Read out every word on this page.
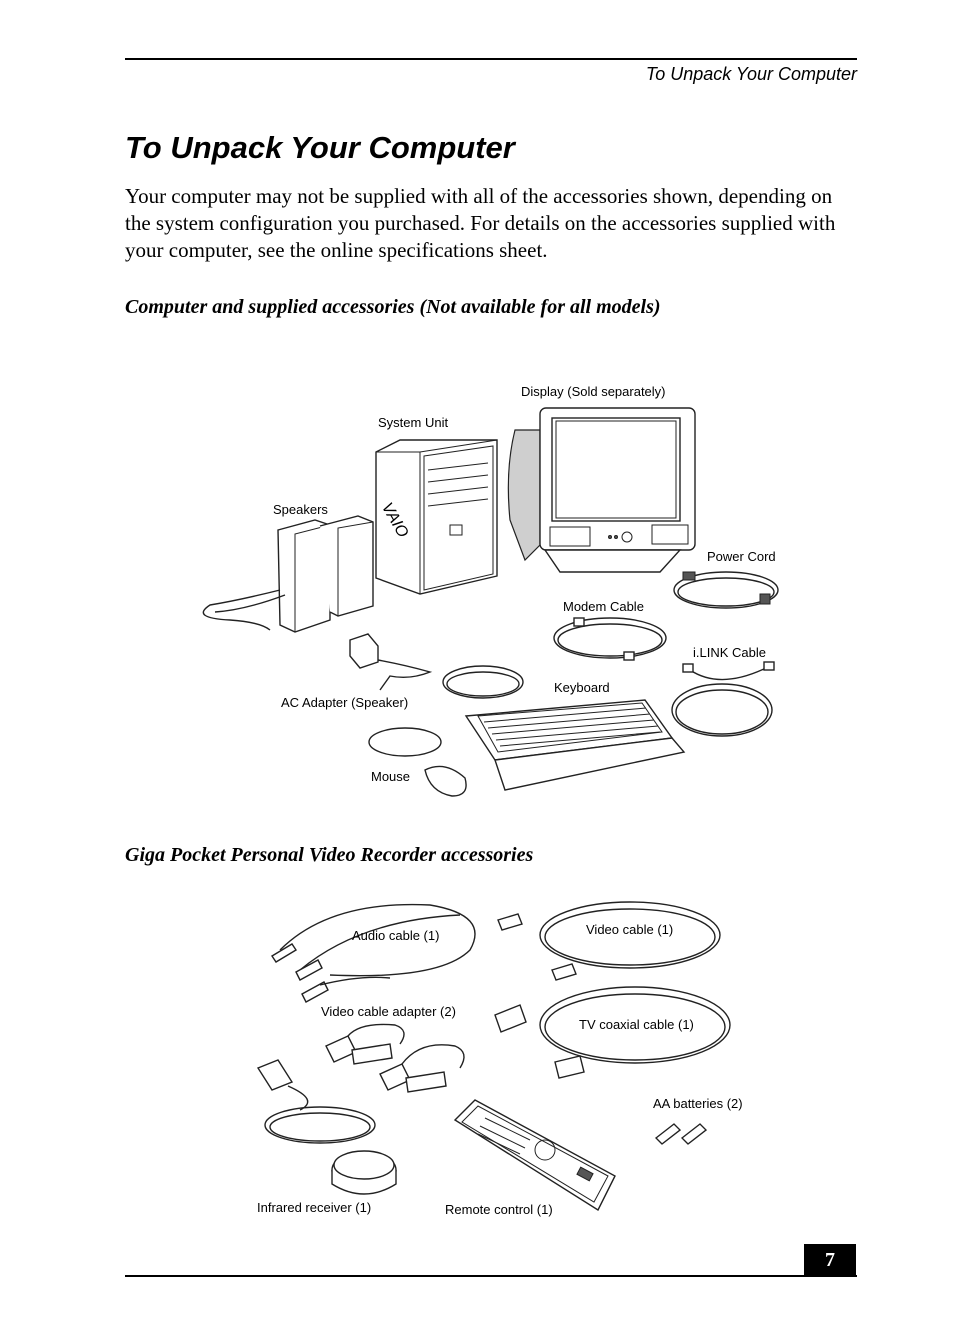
To Unpack Your Computer
To Unpack Your Computer

Your computer may not be supplied with all of the accessories shown, depending on the system configuration you purchased. For details on the accessories supplied with your computer, see the online specifications sheet.

Computer and supplied accessories (Not available for all models)
VAIO
Display (Sold separately)
System Unit
Speakers
Power Cord
Modem Cable
i.LINK Cable
Keyboard
AC Adapter (Speaker)
Mouse
Giga Pocket Personal Video Recorder accessories
Audio cable (1)	Video cable (1)
Video cable adapter (2)
TV coaxial cable (1)
AA batteries (2)
Infrared receiver (1)	Remote control (1)
7
